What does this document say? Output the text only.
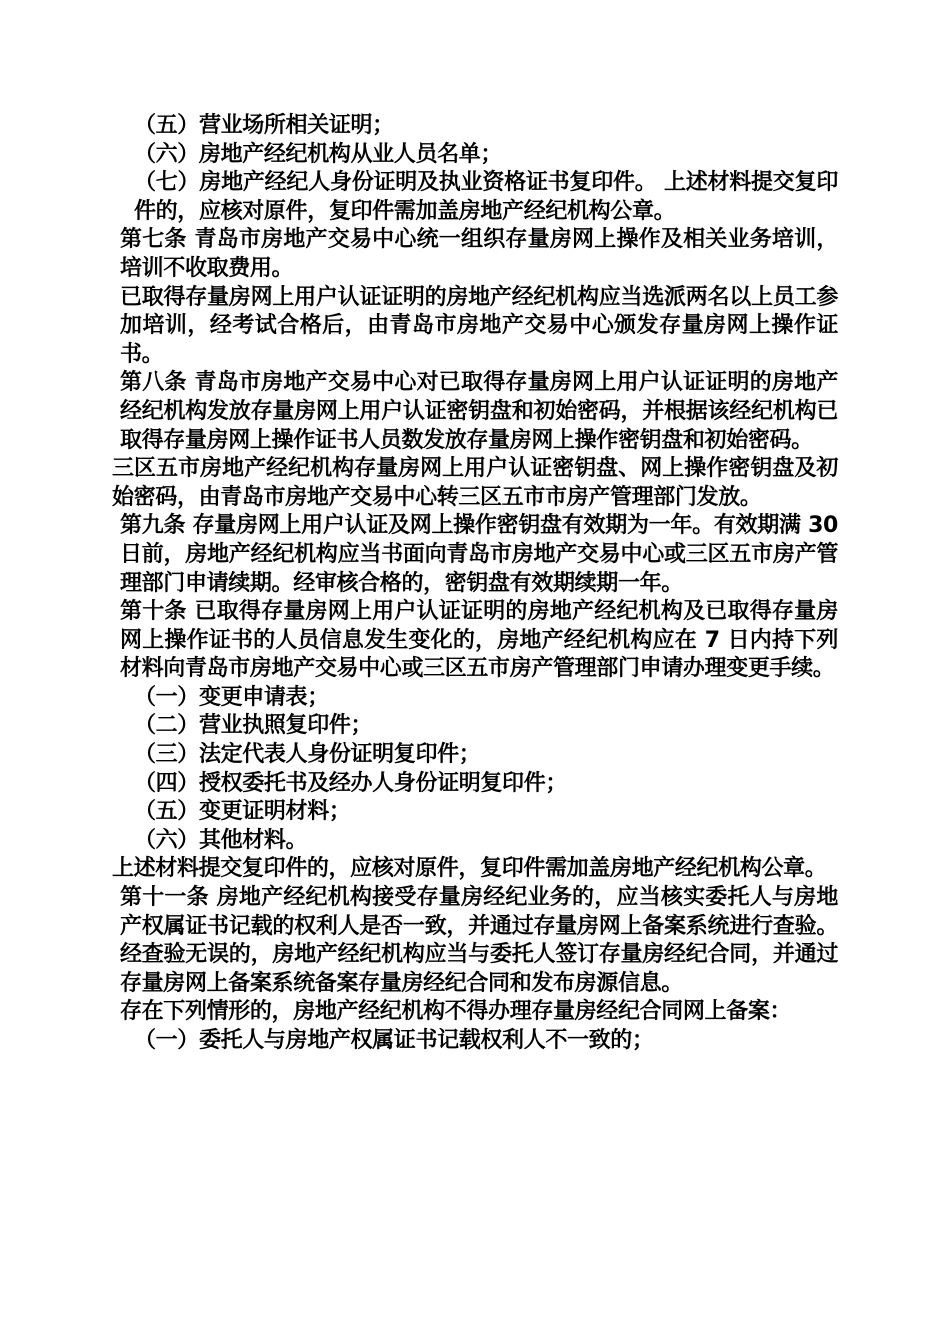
（五）营业场所相关证明；

（六）房地产经纪机构从业人员名单；

（七）房地产经纪人身份证明及执业资格证书复印件。 上述材料提交复印件的，应核对原件，复印件需加盖房地产经纪机构公章。

第七条 青岛市房地产交易中心统一组织存量房网上操作及相关业务培训，培训不收取费用。

已取得存量房网上用户认证证明的房地产经纪机构应当选派两名以上员工参加培训，经考试合格后，由青岛市房地产交易中心颁发存量房网上操作证书。

第八条 青岛市房地产交易中心对已取得存量房网上用户认证证明的房地产经纪机构发放存量房网上用户认证密钥盘和初始密码，并根据该经纪机构已取得存量房网上操作证书人员数发放存量房网上操作密钥盘和初始密码。

三区五市房地产经纪机构存量房网上用户认证密钥盘、网上操作密钥盘及初始密码，由青岛市房地产交易中心转三区五市市房产管理部门发放。

第九条 存量房网上用户认证及网上操作密钥盘有效期为一年。有效期满 30 日前，房地产经纪机构应当书面向青岛市房地产交易中心或三区五市房产管理部门申请续期。经审核合格的，密钥盘有效期续期一年。

第十条 已取得存量房网上用户认证证明的房地产经纪机构及已取得存量房网上操作证书的人员信息发生变化的，房地产经纪机构应在 7 日内持下列材料向青岛市房地产交易中心或三区五市房产管理部门申请办理变更手续。

（一）变更申请表；

（二）营业执照复印件；

（三）法定代表人身份证明复印件；

（四）授权委托书及经办人身份证明复印件；

（五）变更证明材料；

（六）其他材料。

上述材料提交复印件的，应核对原件，复印件需加盖房地产经纪机构公章。

第十一条 房地产经纪机构接受存量房经纪业务的，应当核实委托人与房地产权属证书记载的权利人是否一致，并通过存量房网上备案系统进行查验。经查验无误的，房地产经纪机构应当与委托人签订存量房经纪合同，并通过存量房网上备案系统备案存量房经纪合同和发布房源信息。

存在下列情形的，房地产经纪机构不得办理存量房经纪合同网上备案：

（一）委托人与房地产权属证书记载权利人不一致的；
